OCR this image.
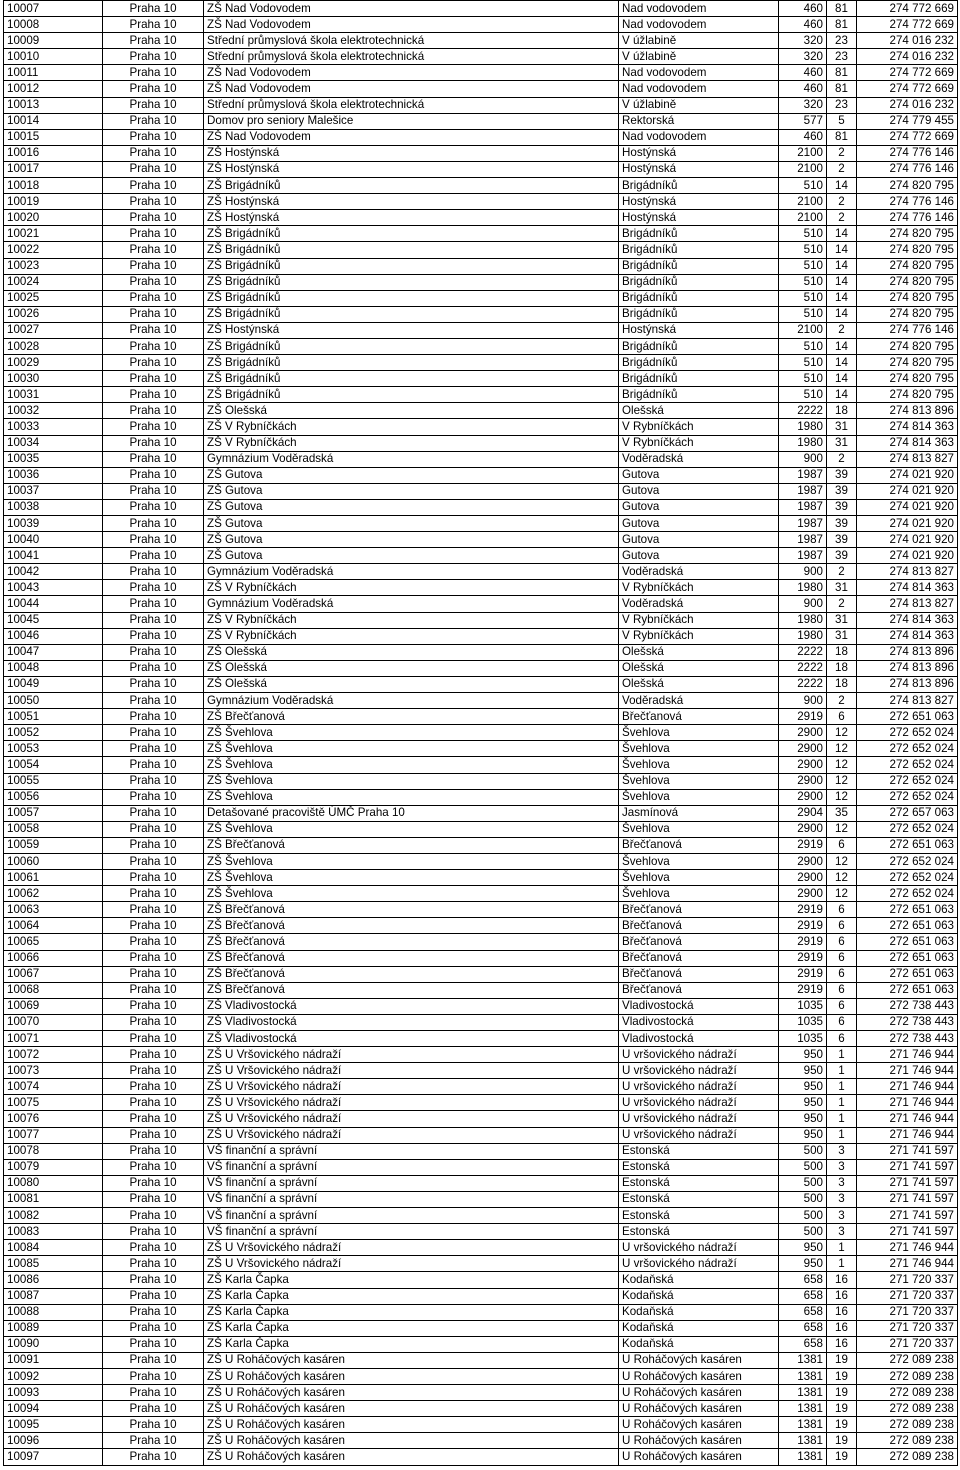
10007	Praha 10	ZŠ Nad Vodovodem	Nad vodovodem	460	81	274 772 669
10008	Praha 10	ZŠ Nad Vodovodem	Nad vodovodem	460	81	274 772 669
10009	Praha 10	Střední průmyslová škola elektrotechnická	V úžlabině	320	23	274 016 232
10010	Praha 10	Střední průmyslová škola elektrotechnická	V úžlabině	320	23	274 016 232
10011	Praha 10	ZŠ Nad Vodovodem	Nad vodovodem	460	81	274 772 669
10012	Praha 10	ZŠ Nad Vodovodem	Nad vodovodem	460	81	274 772 669
10013	Praha 10	Střední průmyslová škola elektrotechnická	V úžlabině	320	23	274 016 232
10014	Praha 10	Domov pro seniory Malešice	Rektorská	577	5	274 779 455
10015	Praha 10	ZŠ Nad Vodovodem	Nad vodovodem	460	81	274 772 669
10016	Praha 10	ZŠ Hostýnská	Hostýnská	2100	2	274 776 146
10017	Praha 10	ZŠ Hostýnská	Hostýnská	2100	2	274 776 146
10018	Praha 10	ZŠ Brigádníků	Brigádníků	510	14	274 820 795
10019	Praha 10	ZŠ Hostýnská	Hostýnská	2100	2	274 776 146
10020	Praha 10	ZŠ Hostýnská	Hostýnská	2100	2	274 776 146
10021	Praha 10	ZŠ Brigádníků	Brigádníků	510	14	274 820 795
10022	Praha 10	ZŠ Brigádníků	Brigádníků	510	14	274 820 795
10023	Praha 10	ZŠ Brigádníků	Brigádníků	510	14	274 820 795
10024	Praha 10	ZŠ Brigádníků	Brigádníků	510	14	274 820 795
10025	Praha 10	ZŠ Brigádníků	Brigádníků	510	14	274 820 795
10026	Praha 10	ZŠ Brigádníků	Brigádníků	510	14	274 820 795
10027	Praha 10	ZŠ Hostýnská	Hostýnská	2100	2	274 776 146
10028	Praha 10	ZŠ Brigádníků	Brigádníků	510	14	274 820 795
10029	Praha 10	ZŠ Brigádníků	Brigádníků	510	14	274 820 795
10030	Praha 10	ZŠ Brigádníků	Brigádníků	510	14	274 820 795
10031	Praha 10	ZŠ Brigádníků	Brigádníků	510	14	274 820 795
10032	Praha 10	ZŠ Olešská	Olešská	2222	18	274 813 896
10033	Praha 10	ZŠ V Rybníčkách	V Rybníčkách	1980	31	274 814 363
10034	Praha 10	ZŠ V Rybníčkách	V Rybníčkách	1980	31	274 814 363
10035	Praha 10	Gymnázium Voděradská	Voděradská	900	2	274 813 827
10036	Praha 10	ZŠ Gutova	Gutova	1987	39	274 021 920
10037	Praha 10	ZŠ Gutova	Gutova	1987	39	274 021 920
10038	Praha 10	ZŠ Gutova	Gutova	1987	39	274 021 920
10039	Praha 10	ZŠ Gutova	Gutova	1987	39	274 021 920
10040	Praha 10	ZŠ Gutova	Gutova	1987	39	274 021 920
10041	Praha 10	ZŠ Gutova	Gutova	1987	39	274 021 920
10042	Praha 10	Gymnázium Voděradská	Voděradská	900	2	274 813 827
10043	Praha 10	ZŠ V Rybníčkách	V Rybníčkách	1980	31	274 814 363
10044	Praha 10	Gymnázium Voděradská	Voděradská	900	2	274 813 827
10045	Praha 10	ZŠ V Rybníčkách	V Rybníčkách	1980	31	274 814 363
10046	Praha 10	ZŠ V Rybníčkách	V Rybníčkách	1980	31	274 814 363
10047	Praha 10	ZŠ Olešská	Olešská	2222	18	274 813 896
10048	Praha 10	ZŠ Olešská	Olešská	2222	18	274 813 896
10049	Praha 10	ZŠ Olešská	Olešská	2222	18	274 813 896
10050	Praha 10	Gymnázium Voděradská	Voděradská	900	2	274 813 827
10051	Praha 10	ZŠ Břečťanová	Břečťanová	2919	6	272 651 063
10052	Praha 10	ZŠ Švehlova	Švehlova	2900	12	272 652 024
10053	Praha 10	ZŠ Švehlova	Švehlova	2900	12	272 652 024
10054	Praha 10	ZŠ Švehlova	Švehlova	2900	12	272 652 024
10055	Praha 10	ZŠ Švehlova	Švehlova	2900	12	272 652 024
10056	Praha 10	ZŠ Švehlova	Švehlova	2900	12	272 652 024
10057	Praha 10	Detašované pracoviště ÚMČ Praha 10	Jasmínová	2904	35	272 657 063
10058	Praha 10	ZŠ Švehlova	Švehlova	2900	12	272 652 024
10059	Praha 10	ZŠ Břečťanová	Břečťanová	2919	6	272 651 063
10060	Praha 10	ZŠ Švehlova	Švehlova	2900	12	272 652 024
10061	Praha 10	ZŠ Švehlova	Švehlova	2900	12	272 652 024
10062	Praha 10	ZŠ Švehlova	Švehlova	2900	12	272 652 024
10063	Praha 10	ZŠ Břečťanová	Břečťanová	2919	6	272 651 063
10064	Praha 10	ZŠ Břečťanová	Břečťanová	2919	6	272 651 063
10065	Praha 10	ZŠ Břečťanová	Břečťanová	2919	6	272 651 063
10066	Praha 10	ZŠ Břečťanová	Břečťanová	2919	6	272 651 063
10067	Praha 10	ZŠ Břečťanová	Břečťanová	2919	6	272 651 063
10068	Praha 10	ZŠ Břečťanová	Břečťanová	2919	6	272 651 063
10069	Praha 10	ZŠ Vladivostocká	Vladivostocká	1035	6	272 738 443
10070	Praha 10	ZŠ Vladivostocká	Vladivostocká	1035	6	272 738 443
10071	Praha 10	ZŠ Vladivostocká	Vladivostocká	1035	6	272 738 443
10072	Praha 10	ZŠ U Vršovického nádraží	U vršovického nádraží	950	1	271 746 944
10073	Praha 10	ZŠ U Vršovického nádraží	U vršovického nádraží	950	1	271 746 944
10074	Praha 10	ZŠ U Vršovického nádraží	U vršovického nádraží	950	1	271 746 944
10075	Praha 10	ZŠ U Vršovického nádraží	U vršovického nádraží	950	1	271 746 944
10076	Praha 10	ZŠ U Vršovického nádraží	U vršovického nádraží	950	1	271 746 944
10077	Praha 10	ZŠ U Vršovického nádraží	U vršovického nádraží	950	1	271 746 944
10078	Praha 10	VŠ finanční a správní	Estonská	500	3	271 741 597
10079	Praha 10	VŠ finanční a správní	Estonská	500	3	271 741 597
10080	Praha 10	VŠ finanční a správní	Estonská	500	3	271 741 597
10081	Praha 10	VŠ finanční a správní	Estonská	500	3	271 741 597
10082	Praha 10	VŠ finanční a správní	Estonská	500	3	271 741 597
10083	Praha 10	VŠ finanční a správní	Estonská	500	3	271 741 597
10084	Praha 10	ZŠ U Vršovického nádraží	U vršovického nádraží	950	1	271 746 944
10085	Praha 10	ZŠ U Vršovického nádraží	U vršovického nádraží	950	1	271 746 944
10086	Praha 10	ZŠ Karla Čapka	Kodaňská	658	16	271 720 337
10087	Praha 10	ZŠ Karla Čapka	Kodaňská	658	16	271 720 337
10088	Praha 10	ZŠ Karla Čapka	Kodaňská	658	16	271 720 337
10089	Praha 10	ZŠ Karla Čapka	Kodaňská	658	16	271 720 337
10090	Praha 10	ZŠ Karla Čapka	Kodaňská	658	16	271 720 337
10091	Praha 10	ZŠ U Roháčových kasáren	U Roháčových kasáren	1381	19	272 089 238
10092	Praha 10	ZŠ U Roháčových kasáren	U Roháčových kasáren	1381	19	272 089 238
10093	Praha 10	ZŠ U Roháčových kasáren	U Roháčových kasáren	1381	19	272 089 238
10094	Praha 10	ZŠ U Roháčových kasáren	U Roháčových kasáren	1381	19	272 089 238
10095	Praha 10	ZŠ U Roháčových kasáren	U Roháčových kasáren	1381	19	272 089 238
10096	Praha 10	ZŠ U Roháčových kasáren	U Roháčových kasáren	1381	19	272 089 238
10097	Praha 10	ZŠ U Roháčových kasáren	U Roháčových kasáren	1381	19	272 089 238
